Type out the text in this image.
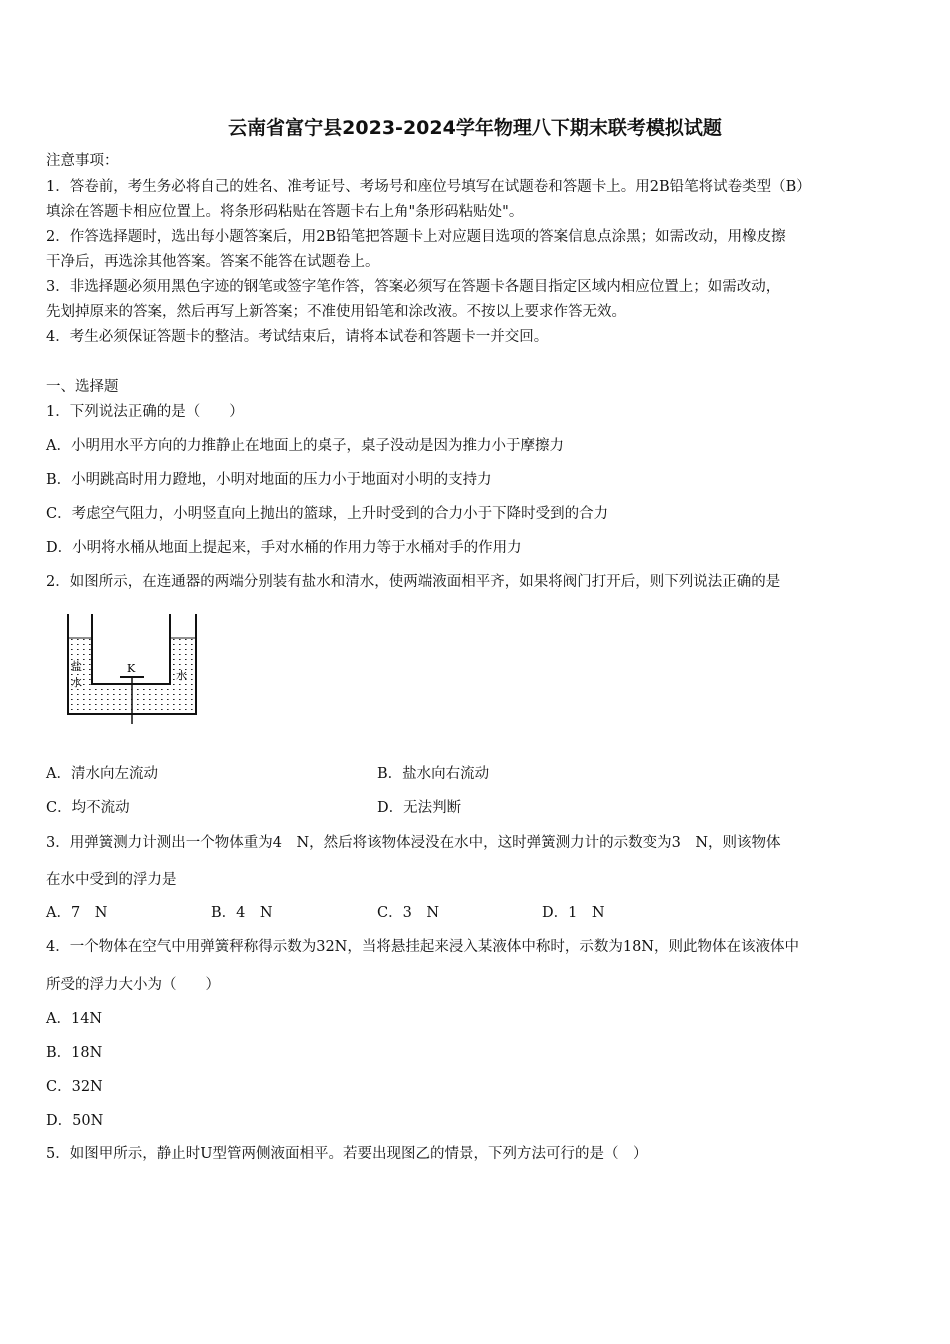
云南省富宁县2023-2024学年物理八下期末联考模拟试题
注意事项：
1．答卷前，考生务必将自己的姓名、准考证号、考场号和座位号填写在试题卷和答题卡上。用2B铅笔将试卷类型（B）
填涂在答题卡相应位置上。将条形码粘贴在答题卡右上角"条形码粘贴处"。
2．作答选择题时，选出每小题答案后，用2B铅笔把答题卡上对应题目选项的答案信息点涂黑；如需改动，用橡皮擦
干净后，再选涂其他答案。答案不能答在试题卷上。
3．非选择题必须用黑色字迹的钢笔或签字笔作答，答案必须写在答题卡各题目指定区域内相应位置上；如需改动，
先划掉原来的答案，然后再写上新答案；不准使用铅笔和涂改液。不按以上要求作答无效。
4．考生必须保证答题卡的整洁。考试结束后，请将本试卷和答题卡一并交回。
一、选择题
1．下列说法正确的是（　　）
A．小明用水平方向的力推静止在地面上的桌子，桌子没动是因为推力小于摩擦力
B．小明跳高时用力蹬地，小明对地面的压力小于地面对小明的支持力
C．考虑空气阻力，小明竖直向上抛出的篮球，上升时受到的合力小于下降时受到的合力
D．小明将水桶从地面上提起来，手对水桶的作用力等于水桶对手的作用力
2．如图所示，在连通器的两端分别装有盐水和清水，使两端液面相平齐，如果将阀门打开后，则下列说法正确的是
K
盐
水
水
A．清水向左流动	B．盐水向右流动
C．均不流动	D．无法判断
3．用弹簧测力计测出一个物体重为4　N，然后将该物体浸没在水中，这时弹簧测力计的示数变为3　N，则该物体
在水中受到的浮力是
A．7　N	B．4　N	C．3　N	D．1　N
4．一个物体在空气中用弹簧秤称得示数为32N，当将悬挂起来浸入某液体中称时，示数为18N，则此物体在该液体中
所受的浮力大小为（　　）
A．14N
B．18N
C．32N
D．50N
5．如图甲所示，静止时U型管两侧液面相平。若要出现图乙的情景，下列方法可行的是（　）
